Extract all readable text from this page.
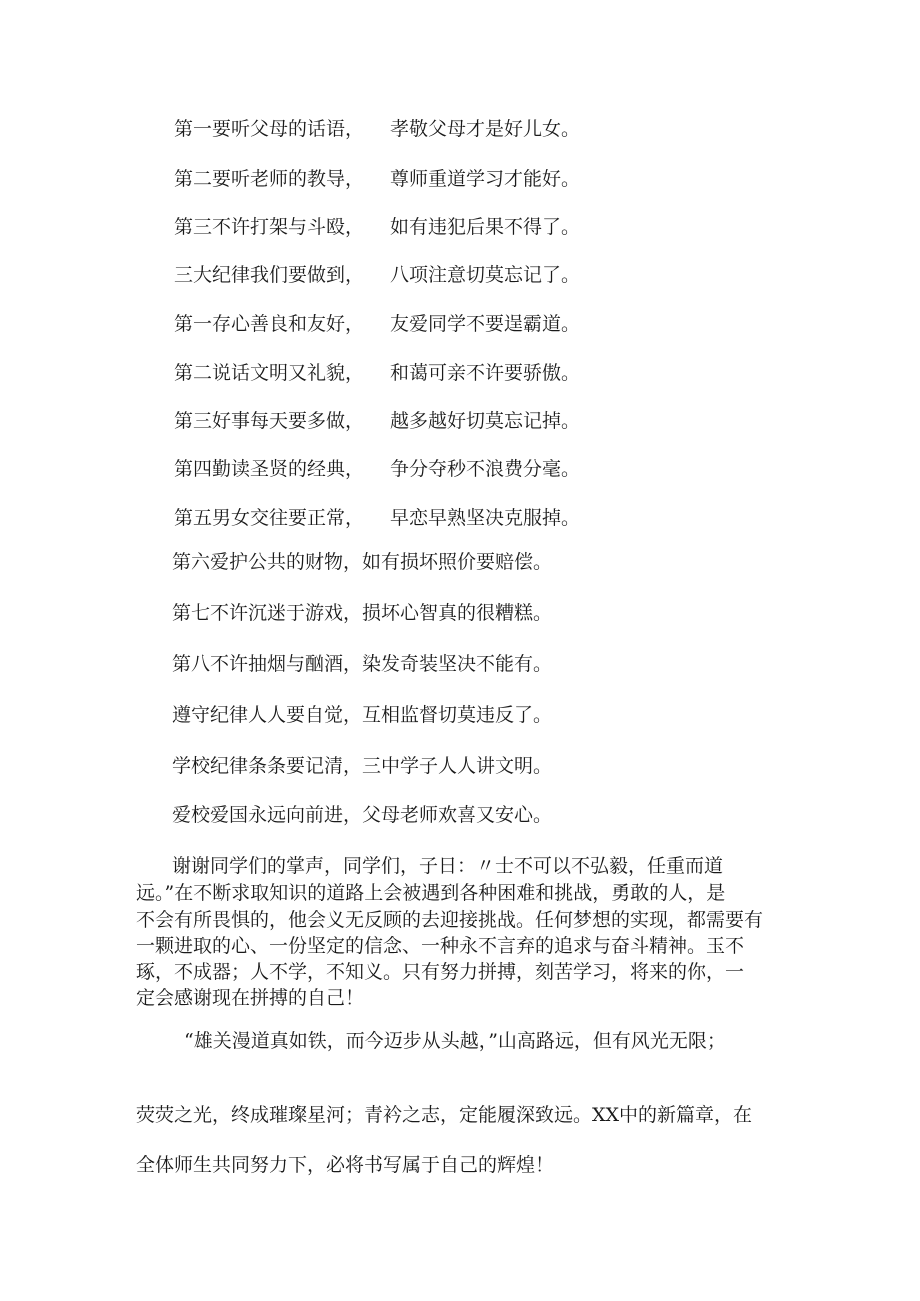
第一要听父母的话语， 孝敬父母才是好儿女。
第二要听老师的教导， 尊师重道学习才能好。
第三不许打架与斗殴， 如有违犯后果不得了。
三大纪律我们要做到， 八项注意切莫忘记了。
第一存心善良和友好， 友爱同学不要逞霸道。
第二说话文明又礼貌， 和蔼可亲不许要骄傲。
第三好事每天要多做， 越多越好切莫忘记掉。
第四勤读圣贤的经典， 争分夺秒不浪费分毫。
第五男女交往要正常， 早恋早熟坚决克服掉。
第六爱护公共的财物，如有损坏照价要赔偿。
第七不许沉迷于游戏，损坏心智真的很糟糕。
第八不许抽烟与酗酒，染发奇装坚决不能有。
遵守纪律人人要自觉，互相监督切莫违反了。
学校纪律条条要记清，三中学子人人讲文明。
爱校爱国永远向前进，父母老师欢喜又安心。
谢谢同学们的掌声，同学们，子日：〃士不可以不弘毅，任重而道
远。”在不断求取知识的道路上会被遇到各种困难和挑战，勇敢的人，是
不会有所畏惧的，他会义无反顾的去迎接挑战。任何梦想的实现，都需要有
一颗进取的心、一份坚定的信念、一种永不言弃的追求与奋斗精神。玉不
琢，不成器；人不学，不知义。只有努力拼搏，刻苦学习，将来的你，一
定会感谢现在拼搏的自己！
“雄关漫道真如铁，而今迈步从头越，”山高路远，但有风光无限；
荧荧之光，终成璀璨星河；青衿之志，定能履深致远。XX中的新篇章，在
全体师生共同努力下，必将书写属于自己的辉煌！
